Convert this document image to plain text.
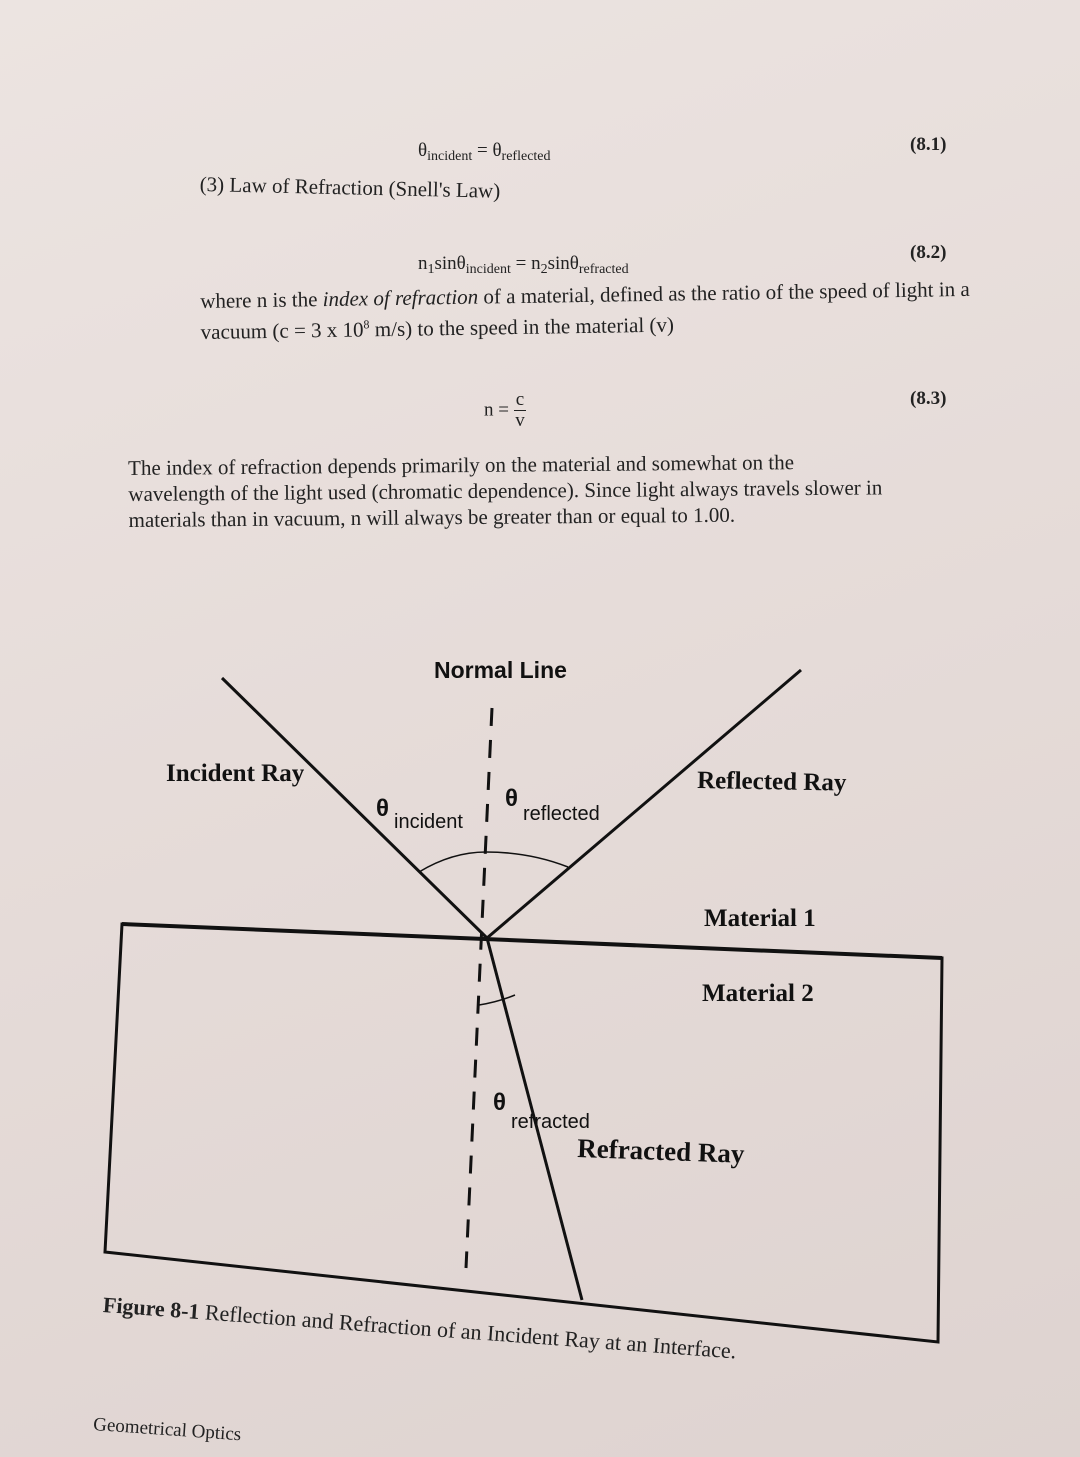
$\theta_{incident} = \theta_{reflected}$
(8.1)
(3) Law of Refraction (Snell's Law)
$n_1\sin\theta_{incident} = n_2\sin\theta_{refracted}$
(8.2)
where n is the index of refraction of a material, defined as the ratio of the speed of light in a vacuum (c = 3 x $10^8$ m/s) to the speed in the material (v)
$n = \frac{c}{v}$	(8.3)
The index of refraction depends primarily on the material and somewhat on the
wavelength of the light used (chromatic dependence). Since light always travels slower in
materials than in vacuum, n will always be greater than or equal to 1.00.
Normal Line
Incident Ray	Reflected Ray
Material 1
Material 2
Refracted Ray
θ incident
θ
reflected
θ
refracted
Figure 8-1 Reflection and Refraction of an Incident Ray at an Interface.
Geometrical Optics
